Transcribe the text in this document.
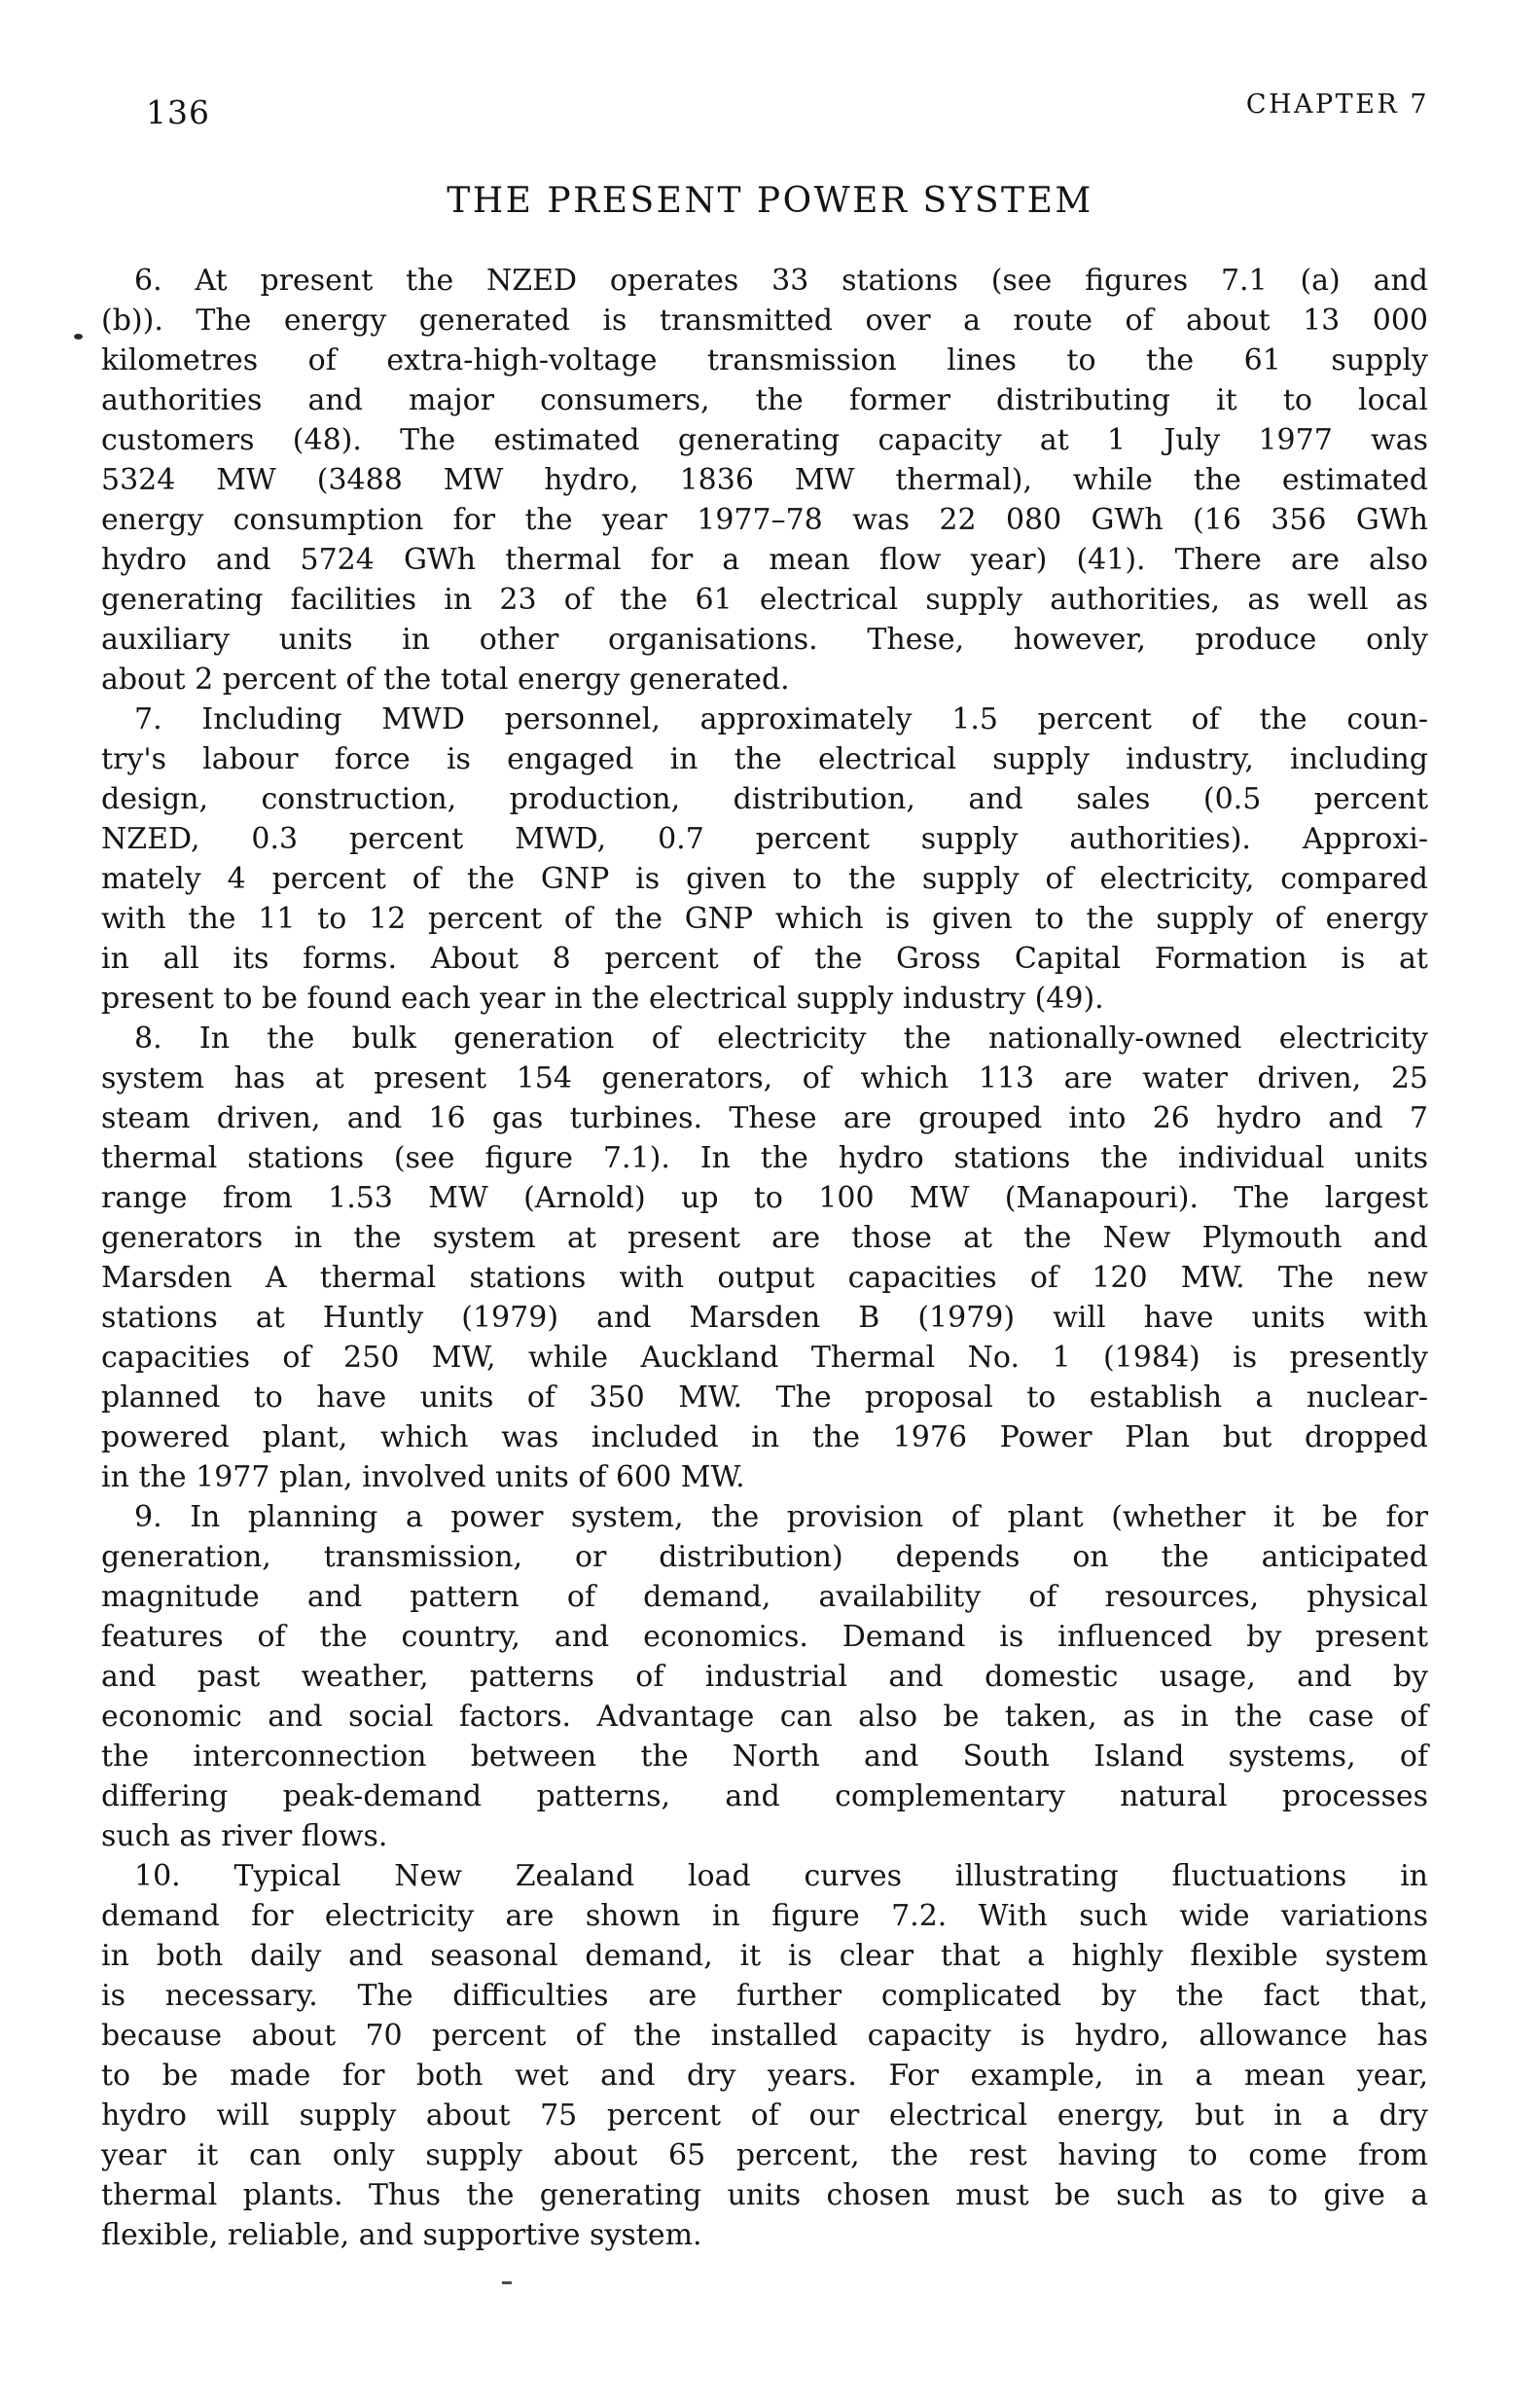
136	CHAPTER 7
THE PRESENT POWER SYSTEM
6. At present the NZED operates 33 stations (see figures 7.1 (a) and
(b)). The energy generated is transmitted over a route of about 13 000
kilometres of extra-high-voltage transmission lines to the 61 supply
authorities and major consumers, the former distributing it to local
customers (48). The estimated generating capacity at 1 July 1977 was
5324 MW (3488 MW hydro, 1836 MW thermal), while the estimated
energy consumption for the year 1977–78 was 22 080 GWh (16 356 GWh
hydro and 5724 GWh thermal for a mean flow year) (41). There are also
generating facilities in 23 of the 61 electrical supply authorities, as well as
auxiliary units in other organisations. These, however, produce only
about 2 percent of the total energy generated.
7. Including MWD personnel, approximately 1.5 percent of the coun-
try's labour force is engaged in the electrical supply industry, including
design, construction, production, distribution, and sales (0.5 percent
NZED, 0.3 percent MWD, 0.7 percent supply authorities). Approxi-
mately 4 percent of the GNP is given to the supply of electricity, compared
with the 11 to 12 percent of the GNP which is given to the supply of energy
in all its forms. About 8 percent of the Gross Capital Formation is at
present to be found each year in the electrical supply industry (49).
8. In the bulk generation of electricity the nationally-owned electricity
system has at present 154 generators, of which 113 are water driven, 25
steam driven, and 16 gas turbines. These are grouped into 26 hydro and 7
thermal stations (see figure 7.1). In the hydro stations the individual units
range from 1.53 MW (Arnold) up to 100 MW (Manapouri). The largest
generators in the system at present are those at the New Plymouth and
Marsden A thermal stations with output capacities of 120 MW. The new
stations at Huntly (1979) and Marsden B (1979) will have units with
capacities of 250 MW, while Auckland Thermal No. 1 (1984) is presently
planned to have units of 350 MW. The proposal to establish a nuclear-
powered plant, which was included in the 1976 Power Plan but dropped
in the 1977 plan, involved units of 600 MW.
9. In planning a power system, the provision of plant (whether it be for
generation, transmission, or distribution) depends on the anticipated
magnitude and pattern of demand, availability of resources, physical
features of the country, and economics. Demand is influenced by present
and past weather, patterns of industrial and domestic usage, and by
economic and social factors. Advantage can also be taken, as in the case of
the interconnection between the North and South Island systems, of
differing peak-demand patterns, and complementary natural processes
such as river flows.
10. Typical New Zealand load curves illustrating fluctuations in
demand for electricity are shown in figure 7.2. With such wide variations
in both daily and seasonal demand, it is clear that a highly flexible system
is necessary. The difficulties are further complicated by the fact that,
because about 70 percent of the installed capacity is hydro, allowance has
to be made for both wet and dry years. For example, in a mean year,
hydro will supply about 75 percent of our electrical energy, but in a dry
year it can only supply about 65 percent, the rest having to come from
thermal plants. Thus the generating units chosen must be such as to give a
flexible, reliable, and supportive system.
